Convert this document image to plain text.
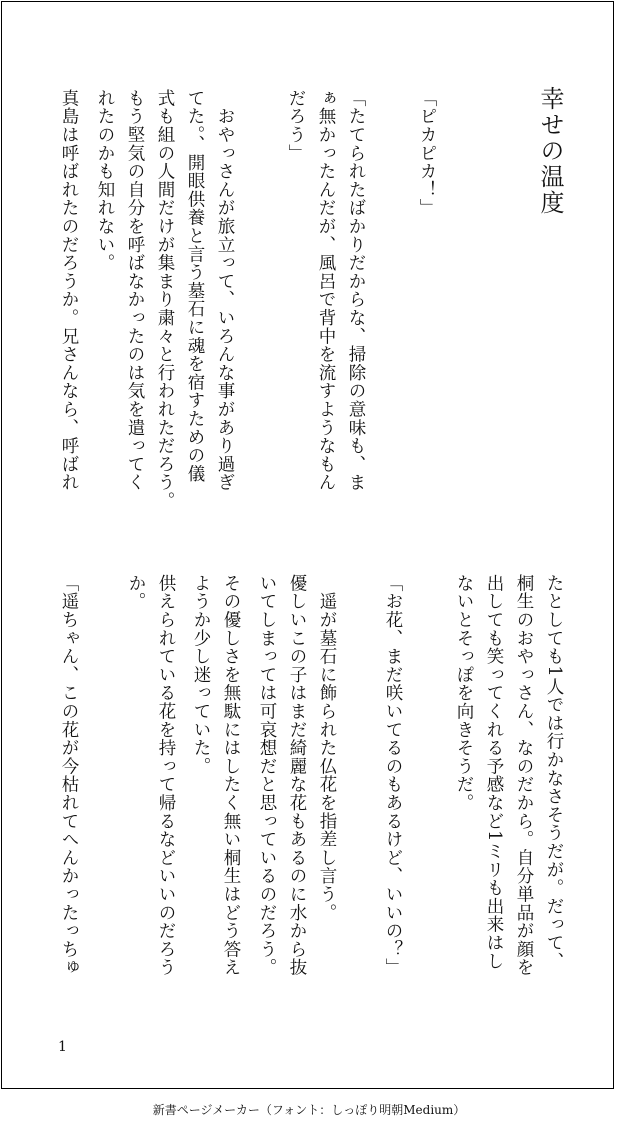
幸せの温度
「ピカピカ！」
「たてられたばかりだからな、掃除の意味も、ま
ぁ無かったんだが、風呂で背中を流すようなもん
だろう」
　おやっさんが旅立って、いろんな事があり過ぎ
てた。、開眼供養と言う墓石に魂を宿すための儀
式も組の人間だけが集まり粛々と行われただろう。
もう堅気の自分を呼ばなかったのは気を遣ってく
れたのかも知れない。
真島は呼ばれたのだろうか。兄さんなら、呼ばれ
たとしても1人では行かなさそうだが。だって、
桐生のおやっさん、なのだから。自分単品が顔を
出しても笑ってくれる予感など1ミリも出来はし
ないとそっぽを向きそうだ。
「お花、まだ咲いてるのもあるけど、いいの？」
　遥が墓石に飾られた仏花を指差し言う。
優しいこの子はまだ綺麗な花もあるのに水から抜
いてしまっては可哀想だと思っているのだろう。
その優しさを無駄にはしたく無い桐生はどう答え
ようか少し迷っていた。
供えられている花を持って帰るなどいいのだろう
か。
「遥ちゃん、この花が今枯れてへんかったっちゅ
1
新書ページメーカー（フォント：しっぽり明朝Medium）
